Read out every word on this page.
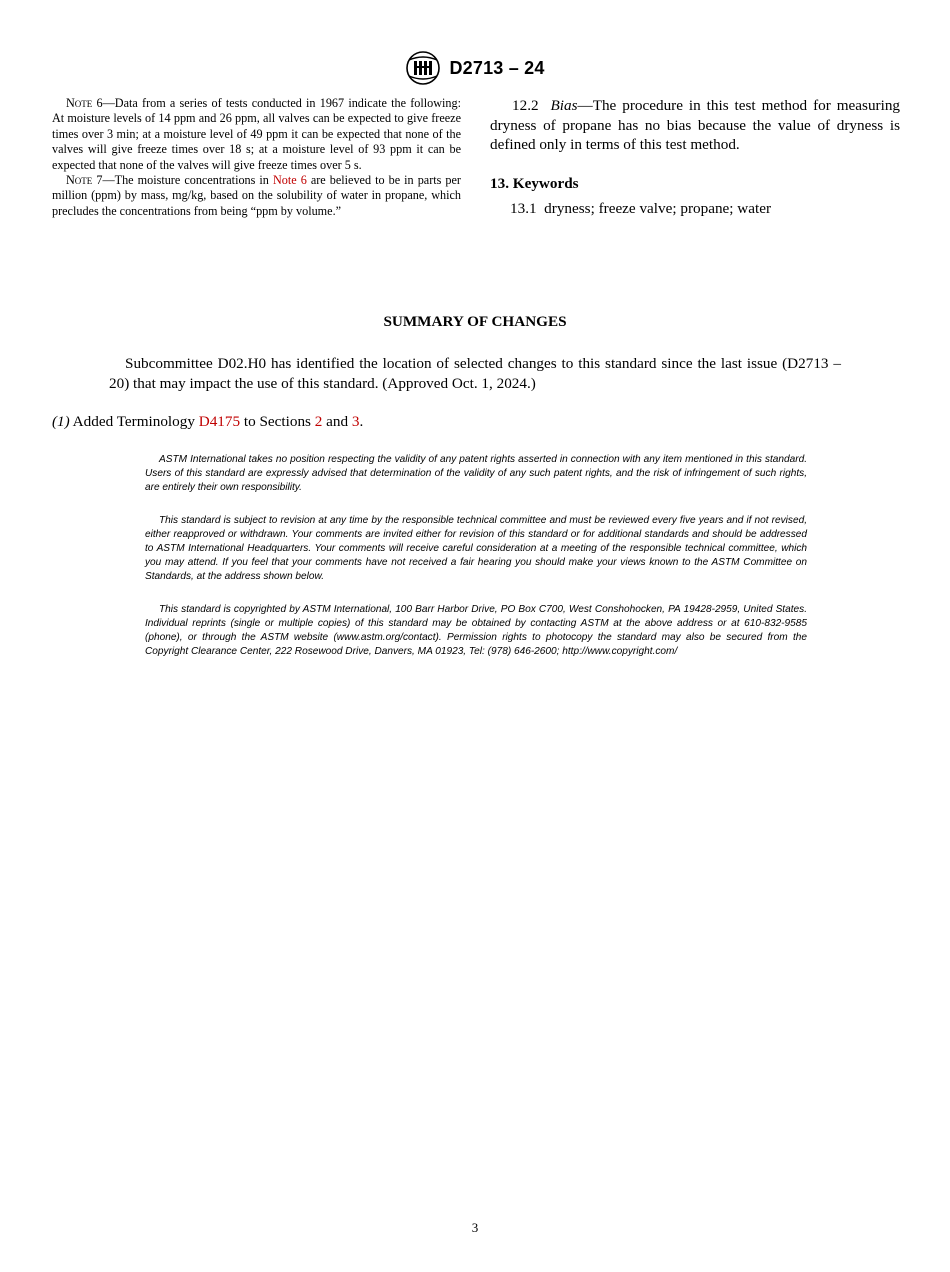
D2713 – 24

Note 6—Data from a series of tests conducted in 1967 indicate the following: At moisture levels of 14 ppm and 26 ppm, all valves can be expected to give freeze times over 3 min; at a moisture level of 49 ppm it can be expected that none of the valves will give freeze times over 18 s; at a moisture level of 93 ppm it can be expected that none of the valves will give freeze times over 5 s.

Note 7—The moisture concentrations in Note 6 are believed to be in parts per million (ppm) by mass, mg/kg, based on the solubility of water in propane, which precludes the concentrations from being “ppm by volume.”

12.2 Bias—The procedure in this test method for measuring dryness of propane has no bias because the value of dryness is defined only in terms of this test method.

13. Keywords

13.1 dryness; freeze valve; propane; water

SUMMARY OF CHANGES

Subcommittee D02.H0 has identified the location of selected changes to this standard since the last issue (D2713 – 20) that may impact the use of this standard. (Approved Oct. 1, 2024.)

(1) Added Terminology D4175 to Sections 2 and 3.

ASTM International takes no position respecting the validity of any patent rights asserted in connection with any item mentioned in this standard. Users of this standard are expressly advised that determination of the validity of any such patent rights, and the risk of infringement of such rights, are entirely their own responsibility.

This standard is subject to revision at any time by the responsible technical committee and must be reviewed every five years and if not revised, either reapproved or withdrawn. Your comments are invited either for revision of this standard or for additional standards and should be addressed to ASTM International Headquarters. Your comments will receive careful consideration at a meeting of the responsible technical committee, which you may attend. If you feel that your comments have not received a fair hearing you should make your views known to the ASTM Committee on Standards, at the address shown below.

This standard is copyrighted by ASTM International, 100 Barr Harbor Drive, PO Box C700, West Conshohocken, PA 19428-2959, United States. Individual reprints (single or multiple copies) of this standard may be obtained by contacting ASTM at the above address or at 610-832-9585 (phone), or through the ASTM website (www.astm.org/contact). Permission rights to photocopy the standard may also be secured from the Copyright Clearance Center, 222 Rosewood Drive, Danvers, MA 01923, Tel: (978) 646-2600; http://www.copyright.com/

3
